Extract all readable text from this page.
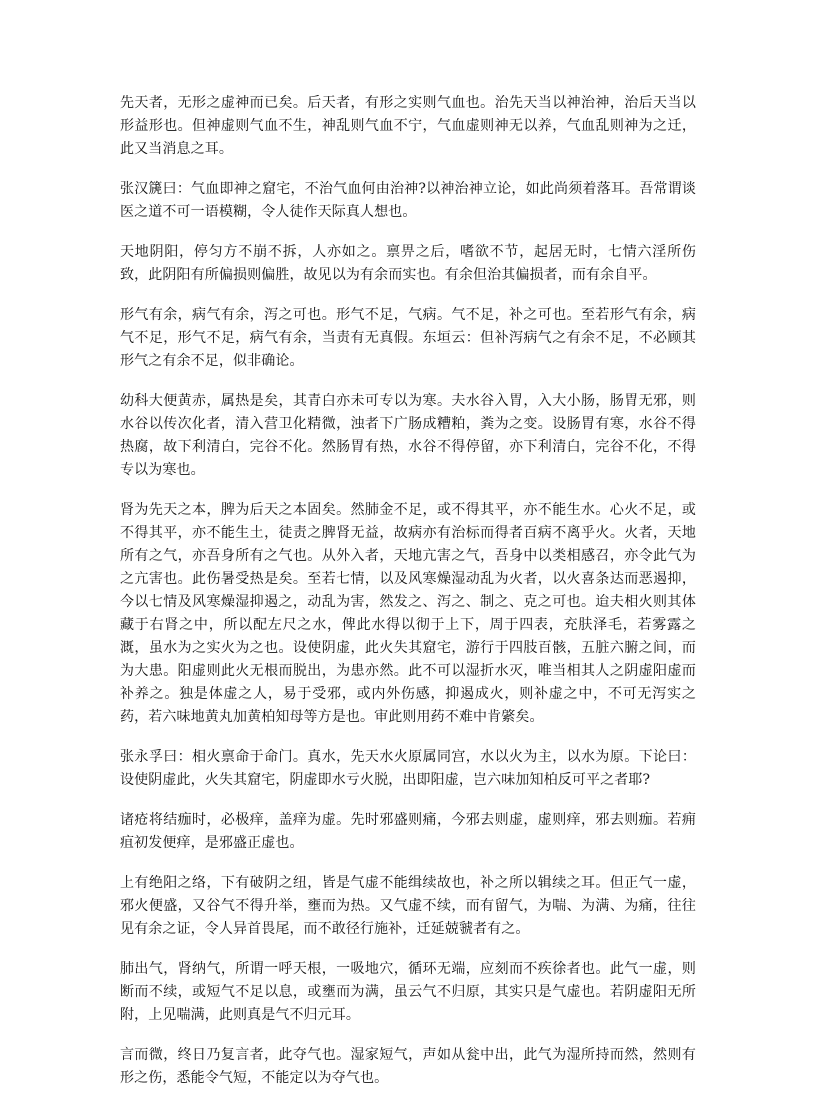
先天者，无形之虚神而已矣。后天者，有形之实则气血也。治先天当以神治神，治后天当以形益形也。但神虚则气血不生，神乱则气血不宁，气血虚则神无以养，气血乱则神为之迁，此又当消息之耳。

张汉篪曰：气血即神之窟宅，不治气血何由治神?以神治神立论，如此尚须着落耳。吾常谓谈医之道不可一语模糊，令人徒作天际真人想也。

天地阴阳，停匀方不崩不拆，人亦如之。禀畀之后，嗜欲不节，起居无时，七情六淫所伤致，此阴阳有所偏损则偏胜，故见以为有余而实也。有余但治其偏损者，而有余自平。

形气有余，病气有余，泻之可也。形气不足，气病。气不足，补之可也。至若形气有余，病气不足，形气不足，病气有余，当责有无真假。东垣云：但补泻病气之有余不足，不必顾其形气之有余不足，似非确论。

幼科大便黄赤，属热是矣，其青白亦未可专以为寒。夫水谷入胃，入大小肠，肠胃无邪，则水谷以传次化者，清入营卫化精微，浊者下广肠成糟粕，粪为之变。设肠胃有寒，水谷不得热腐，故下利清白，完谷不化。然肠胃有热，水谷不得停留，亦下利清白，完谷不化，不得专以为寒也。

肾为先天之本，脾为后天之本固矣。然肺金不足，或不得其平，亦不能生水。心火不足，或不得其平，亦不能生土，徒责之脾肾无益，故病亦有治标而得者百病不离乎火。火者，天地所有之气，亦吾身所有之气也。从外入者，天地亢害之气，吾身中以类相感召，亦令此气为之亢害也。此伤暑受热是矣。至若七情，以及风寒燥湿动乱为火者，以火喜条达而恶遏抑，今以七情及风寒燥湿抑遏之，动乱为害，然发之、泻之、制之、克之可也。迨夫相火则其体藏于右肾之中，所以配左尺之水，俾此水得以彻于上下，周于四表，充肤泽毛，若雾露之溉，虽水为之实火为之也。设使阴虚，此火失其窟宅，游行于四肢百骸，五脏六腑之间，而为大患。阳虚则此火无根而脱出，为患亦然。此不可以湿折水灭，唯当相其人之阴虚阳虚而补养之。独是体虚之人，易于受邪，或内外伤感，抑遏成火，则补虚之中，不可无泻实之药，若六味地黄丸加黄柏知母等方是也。审此则用药不难中肯綮矣。

张永孚曰：相火禀命于命门。真水，先天水火原属同宫，水以火为主，以水为原。下论曰：设使阴虚此，火失其窟宅，阴虚即水亏火脱，出即阳虚，岂六味加知柏反可平之者耶?

诸疮将结痂时，必极痒，盖痒为虚。先时邪盛则痛，今邪去则虚，虚则痒，邪去则痂。若痈疽初发便痒，是邪盛正虚也。

上有绝阳之络，下有破阴之纽，皆是气虚不能缉续故也，补之所以辑续之耳。但正气一虚，邪火便盛，又谷气不得升举，壅而为热。又气虚不续，而有留气，为喘、为满、为痛，往往见有余之证，令人异首畏尾，而不敢径行施补，迁延兢虢者有之。

肺出气，肾纳气，所谓一呼天根，一吸地穴，循环无端，应刻而不疾徐者也。此气一虚，则断而不续，或短气不足以息，或壅而为满，虽云气不归原，其实只是气虚也。若阴虚阳无所附，上见喘满，此则真是气不归元耳。

言而微，终日乃复言者，此夺气也。湿家短气，声如从瓮中出，此气为湿所持而然，然则有形之伤，悉能令气短，不能定以为夺气也。
